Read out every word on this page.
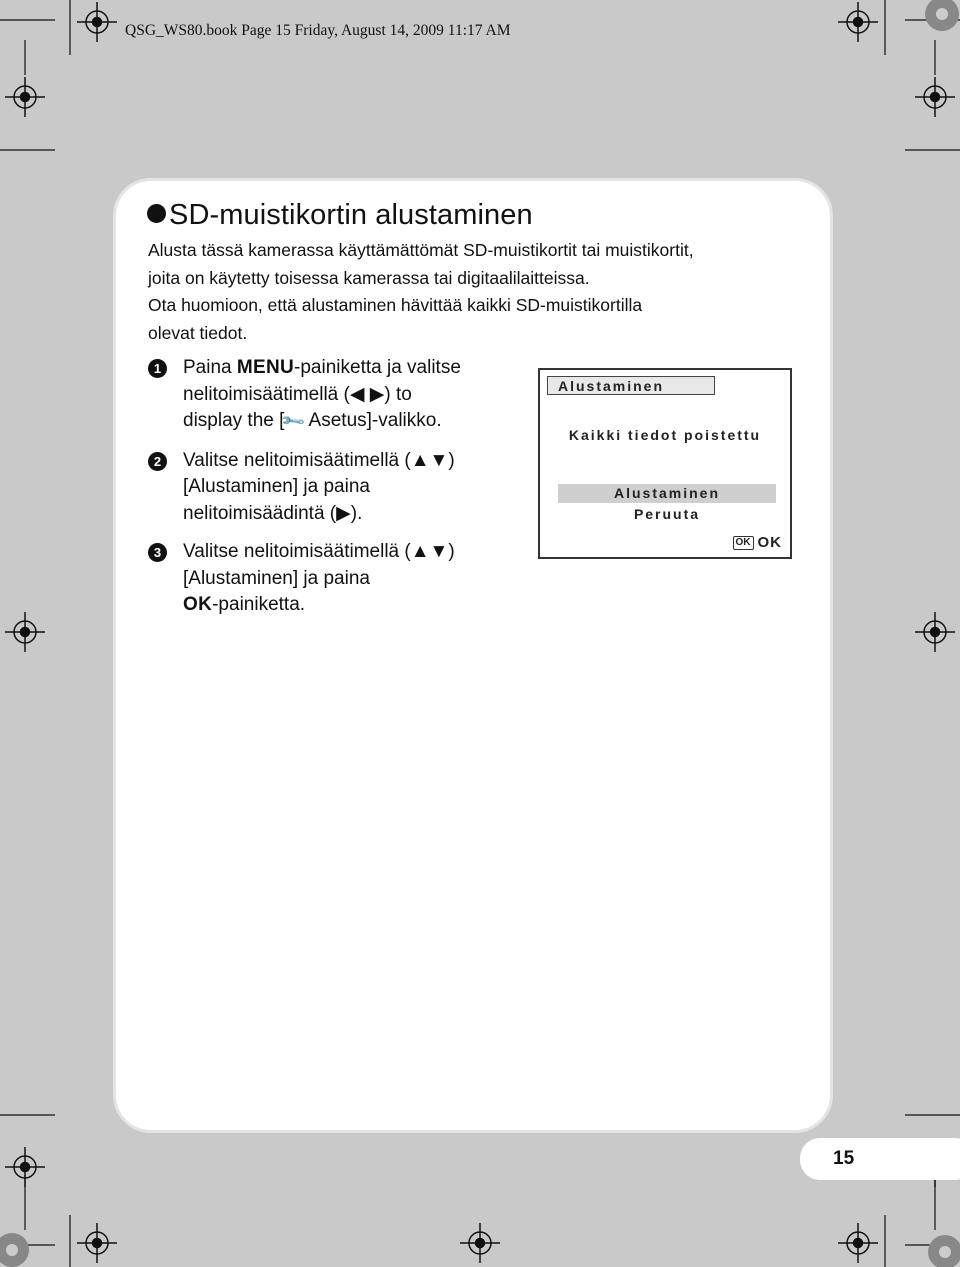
QSG_WS80.book Page 15 Friday, August 14, 2009 11:17 AM
SD-muistikortin alustaminen

Alusta tässä kamerassa käyttämättömät SD-muistikortit tai muistikortit,

joita on käytetty toisessa kamerassa tai digitaalilaitteissa.

Ota huomioon, että alustaminen hävittää kaikki SD-muistikortilla

olevat tiedot.

1	Paina MENU-painiketta ja valitse
nelitoimisäätimellä (◀ ▶) to
display the [🔧 Asetus]-valikko.
2	Valitse nelitoimisäätimellä (▲▼)
[Alustaminen] ja paina
nelitoimisäädintä (▶).
3	Valitse nelitoimisäätimellä (▲▼)
[Alustaminen] ja paina
OK-painiketta.
Alustaminen
Kaikki tiedot poistettu
Alustaminen
Peruuta
OK OK
15
